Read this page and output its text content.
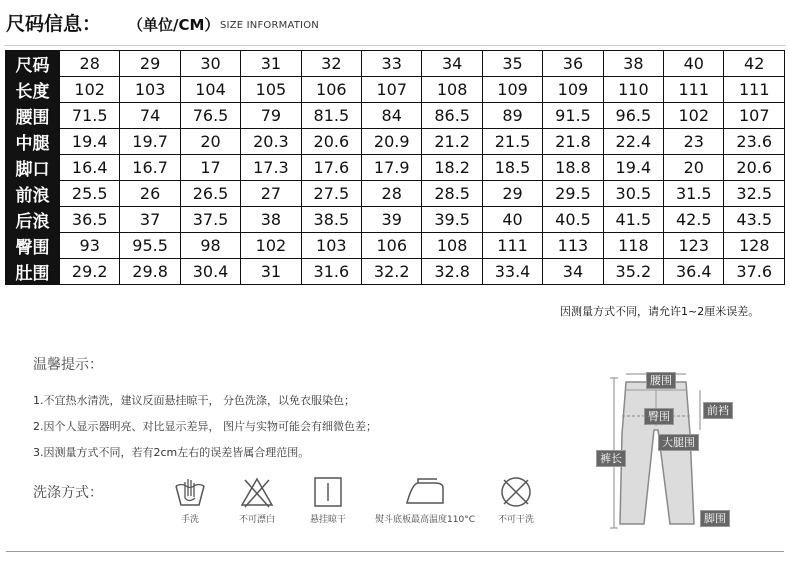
尺码信息： （单位/CM） SIZE INFORMATION
尺码	28	29	30	31	32	33	34	35	36	38	40	42
长度	102	103	104	105	106	107	108	109	109	110	111	111
腰围	71.5	74	76.5	79	81.5	84	86.5	89	91.5	96.5	102	107
中腿	19.4	19.7	20	20.3	20.6	20.9	21.2	21.5	21.8	22.4	23	23.6
脚口	16.4	16.7	17	17.3	17.6	17.9	18.2	18.5	18.8	19.4	20	20.6
前浪	25.5	26	26.5	27	27.5	28	28.5	29	29.5	30.5	31.5	32.5
后浪	36.5	37	37.5	38	38.5	39	39.5	40	40.5	41.5	42.5	43.5
臀围	93	95.5	98	102	103	106	108	111	113	118	123	128
肚围	29.2	29.8	30.4	31	31.6	32.2	32.8	33.4	34	35.2	36.4	37.6
因测量方式不同，请允许1~2厘米误差。
温馨提示：
1.不宜热水清洗，建议反面悬挂晾干， 分色洗涤，以免衣服染色；
2.因个人显示器明亮、对比显示差异， 图片与实物可能会有细微色差；
3.因测量方式不同，若有2cm左右的误差皆属合理范围。
洗涤方式：
手洗	不可漂白	悬挂晾干	熨斗底板最高温度110°C	不可干洗
腰围
臀围	前裆
大腿围
裤长
脚围
